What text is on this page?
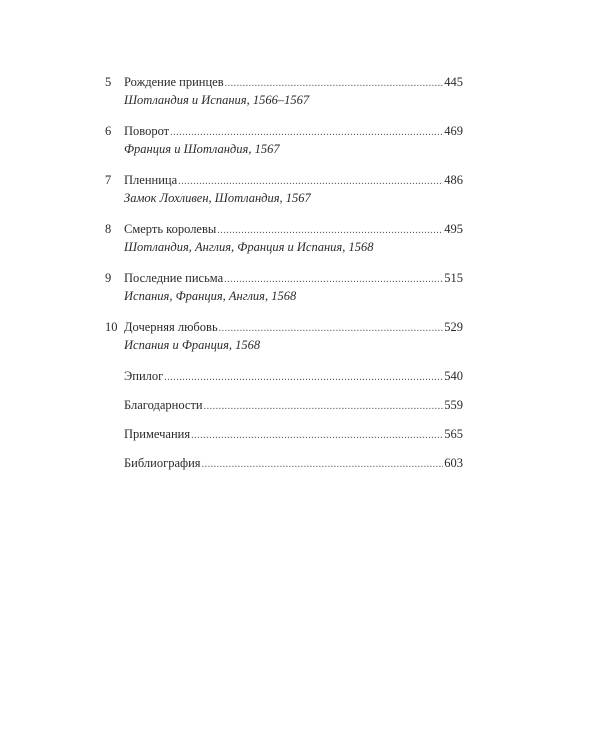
5	Рождение принцев .....	445
Шотландия и Испания, 1566–1567
6	Поворот .....	469
Франция и Шотландия, 1567
7	Пленница .....	486
Замок Лохливен, Шотландия, 1567
8	Смерть королевы .....	495
Шотландия, Англия, Франция и Испания, 1568
9	Последние письма .....	515
Испания, Франция, Англия, 1568
10 Дочерняя любовь .....	529
Испания и Франция, 1568
Эпилог .....	540
Благодарности .....	559
Примечания .....	565
Библиография .....	603
